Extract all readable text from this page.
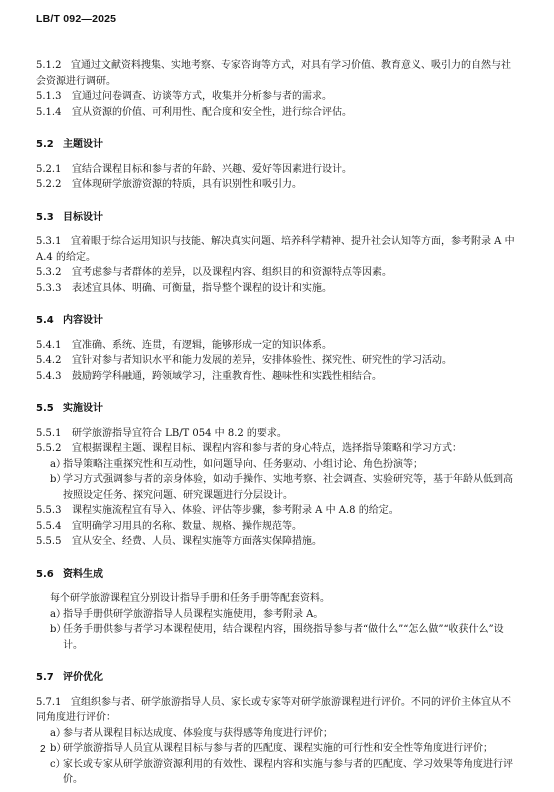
LB/T 092—2025
5.1.2 宜通过文献资料搜集、实地考察、专家咨询等方式，对具有学习价值、教育意义、吸引力的自然与社会资源进行调研。
5.1.3	宜通过问卷调查、访谈等方式，收集并分析参与者的需求。
5.1.4	宜从资源的价值、可利用性、配合度和安全性，进行综合评估。
5.2 主题设计
5.2.1	宜结合课程目标和参与者的年龄、兴趣、爱好等因素进行设计。
5.2.2	宜体现研学旅游资源的特质，具有识别性和吸引力。
5.3 目标设计
5.3.1 宜着眼于综合运用知识与技能、解决真实问题、培养科学精神、提升社会认知等方面，参考附录 A 中 A.4 的给定。
5.3.2	宜考虑参与者群体的差异，以及课程内容、组织目的和资源特点等因素。
5.3.3	表述宜具体、明确、可衡量，指导整个课程的设计和实施。
5.4 内容设计
5.4.1	宜准确、系统、连贯，有逻辑，能够形成一定的知识体系。
5.4.2	宜针对参与者知识水平和能力发展的差异，安排体验性、探究性、研究性的学习活动。
5.4.3	鼓励跨学科融通，跨领域学习，注重教育性、趣味性和实践性相结合。
5.5 实施设计
5.5.1	研学旅游指导宜符合 LB/T 054 中 8.2 的要求。
5.5.2	宜根据课程主题、课程目标、课程内容和参与者的身心特点，选择指导策略和学习方式：
a）
指导策略注重探究性和互动性，如问题导向、任务驱动、小组讨论、角色扮演等；
b）
学习方式强调参与者的亲身体验，如动手操作、实地考察、社会调查、实验研究等，基于年龄从低到高按照设定任务、探究问题、研究课题进行分层设计。
5.5.3	课程实施流程宜有导入、体验、评估等步骤，参考附录 A 中 A.8 的给定。
5.5.4	宜明确学习用具的名称、数量、规格、操作规范等。
5.5.5	宜从安全、经费、人员、课程实施等方面落实保障措施。
5.6 资料生成
每个研学旅游课程宜分别设计指导手册和任务手册等配套资料。
a）
指导手册供研学旅游指导人员课程实施使用，参考附录 A。
b）
任务手册供参与者学习本课程使用，结合课程内容，围绕指导参与者“做什么”“怎么做”“收获什么”设计。
5.7 评价优化
5.7.1 宜组织参与者、研学旅游指导人员、家长或专家等对研学旅游课程进行评价。不同的评价主体宜从不同角度进行评价：
a）
参与者从课程目标达成度、体验度与获得感等角度进行评价；
b）
研学旅游指导人员宜从课程目标与参与者的匹配度、课程实施的可行性和安全性等角度进行评价；
c）
家长或专家从研学旅游资源利用的有效性、课程内容和实施与参与者的匹配度、学习效果等角度进行评价。
2
